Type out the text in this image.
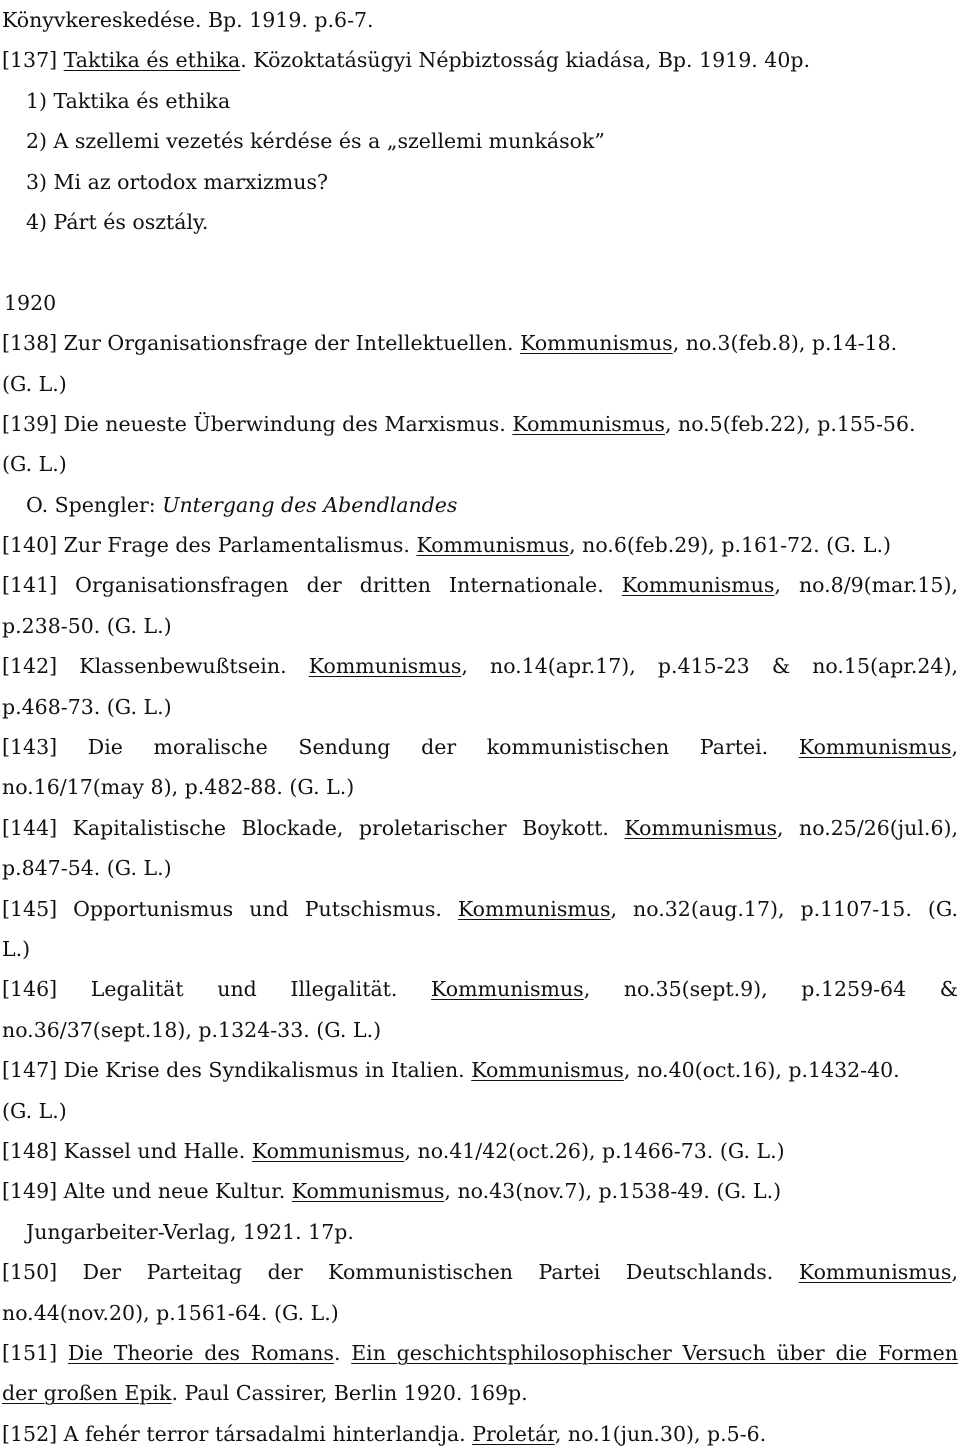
Könyvkereskedése. Bp. 1919. p.6-7.
[137] Taktika és ethika. Közoktatásügyi Népbiztosság kiadása, Bp. 1919. 40p.
1) Taktika és ethika
2) A szellemi vezetés kérdése és a „szellemi munkások”
3) Mi az ortodox marxizmus?
4) Párt és osztály.
1920
[138] Zur Organisationsfrage der Intellektuellen. Kommunismus, no.3(feb.8), p.14-18.
(G. L.)
[139] Die neueste Überwindung des Marxismus. Kommunismus, no.5(feb.22), p.155-56.
(G. L.)
O. Spengler: Untergang des Abendlandes
[140] Zur Frage des Parlamentalismus. Kommunismus, no.6(feb.29), p.161-72. (G. L.)
[141] Organisationsfragen der dritten Internationale. Kommunismus, no.8/9(mar.15),
p.238-50. (G. L.)
[142] Klassenbewußtsein. Kommunismus, no.14(apr.17), p.415-23 & no.15(apr.24),
p.468-73. (G. L.)
[143] Die moralische Sendung der kommunistischen Partei. Kommunismus,
no.16/17(may 8), p.482-88. (G. L.)
[144] Kapitalistische Blockade, proletarischer Boykott. Kommunismus, no.25/26(jul.6),
p.847-54. (G. L.)
[145] Opportunismus und Putschismus. Kommunismus, no.32(aug.17), p.1107-15. (G.
L.)
[146] Legalität und Illegalität. Kommunismus, no.35(sept.9), p.1259-64 &
no.36/37(sept.18), p.1324-33. (G. L.)
[147] Die Krise des Syndikalismus in Italien. Kommunismus, no.40(oct.16), p.1432-40.
(G. L.)
[148] Kassel und Halle. Kommunismus, no.41/42(oct.26), p.1466-73. (G. L.)
[149] Alte und neue Kultur. Kommunismus, no.43(nov.7), p.1538-49. (G. L.)
Jungarbeiter-Verlag, 1921. 17p.
[150] Der Parteitag der Kommunistischen Partei Deutschlands. Kommunismus,
no.44(nov.20), p.1561-64. (G. L.)
[151] Die Theorie des Romans. Ein geschichtsphilosophischer Versuch über die Formen
der großen Epik. Paul Cassirer, Berlin 1920. 169p.
[152] A fehér terror társadalmi hinterlandja. Proletár, no.1(jun.30), p.5-6.
